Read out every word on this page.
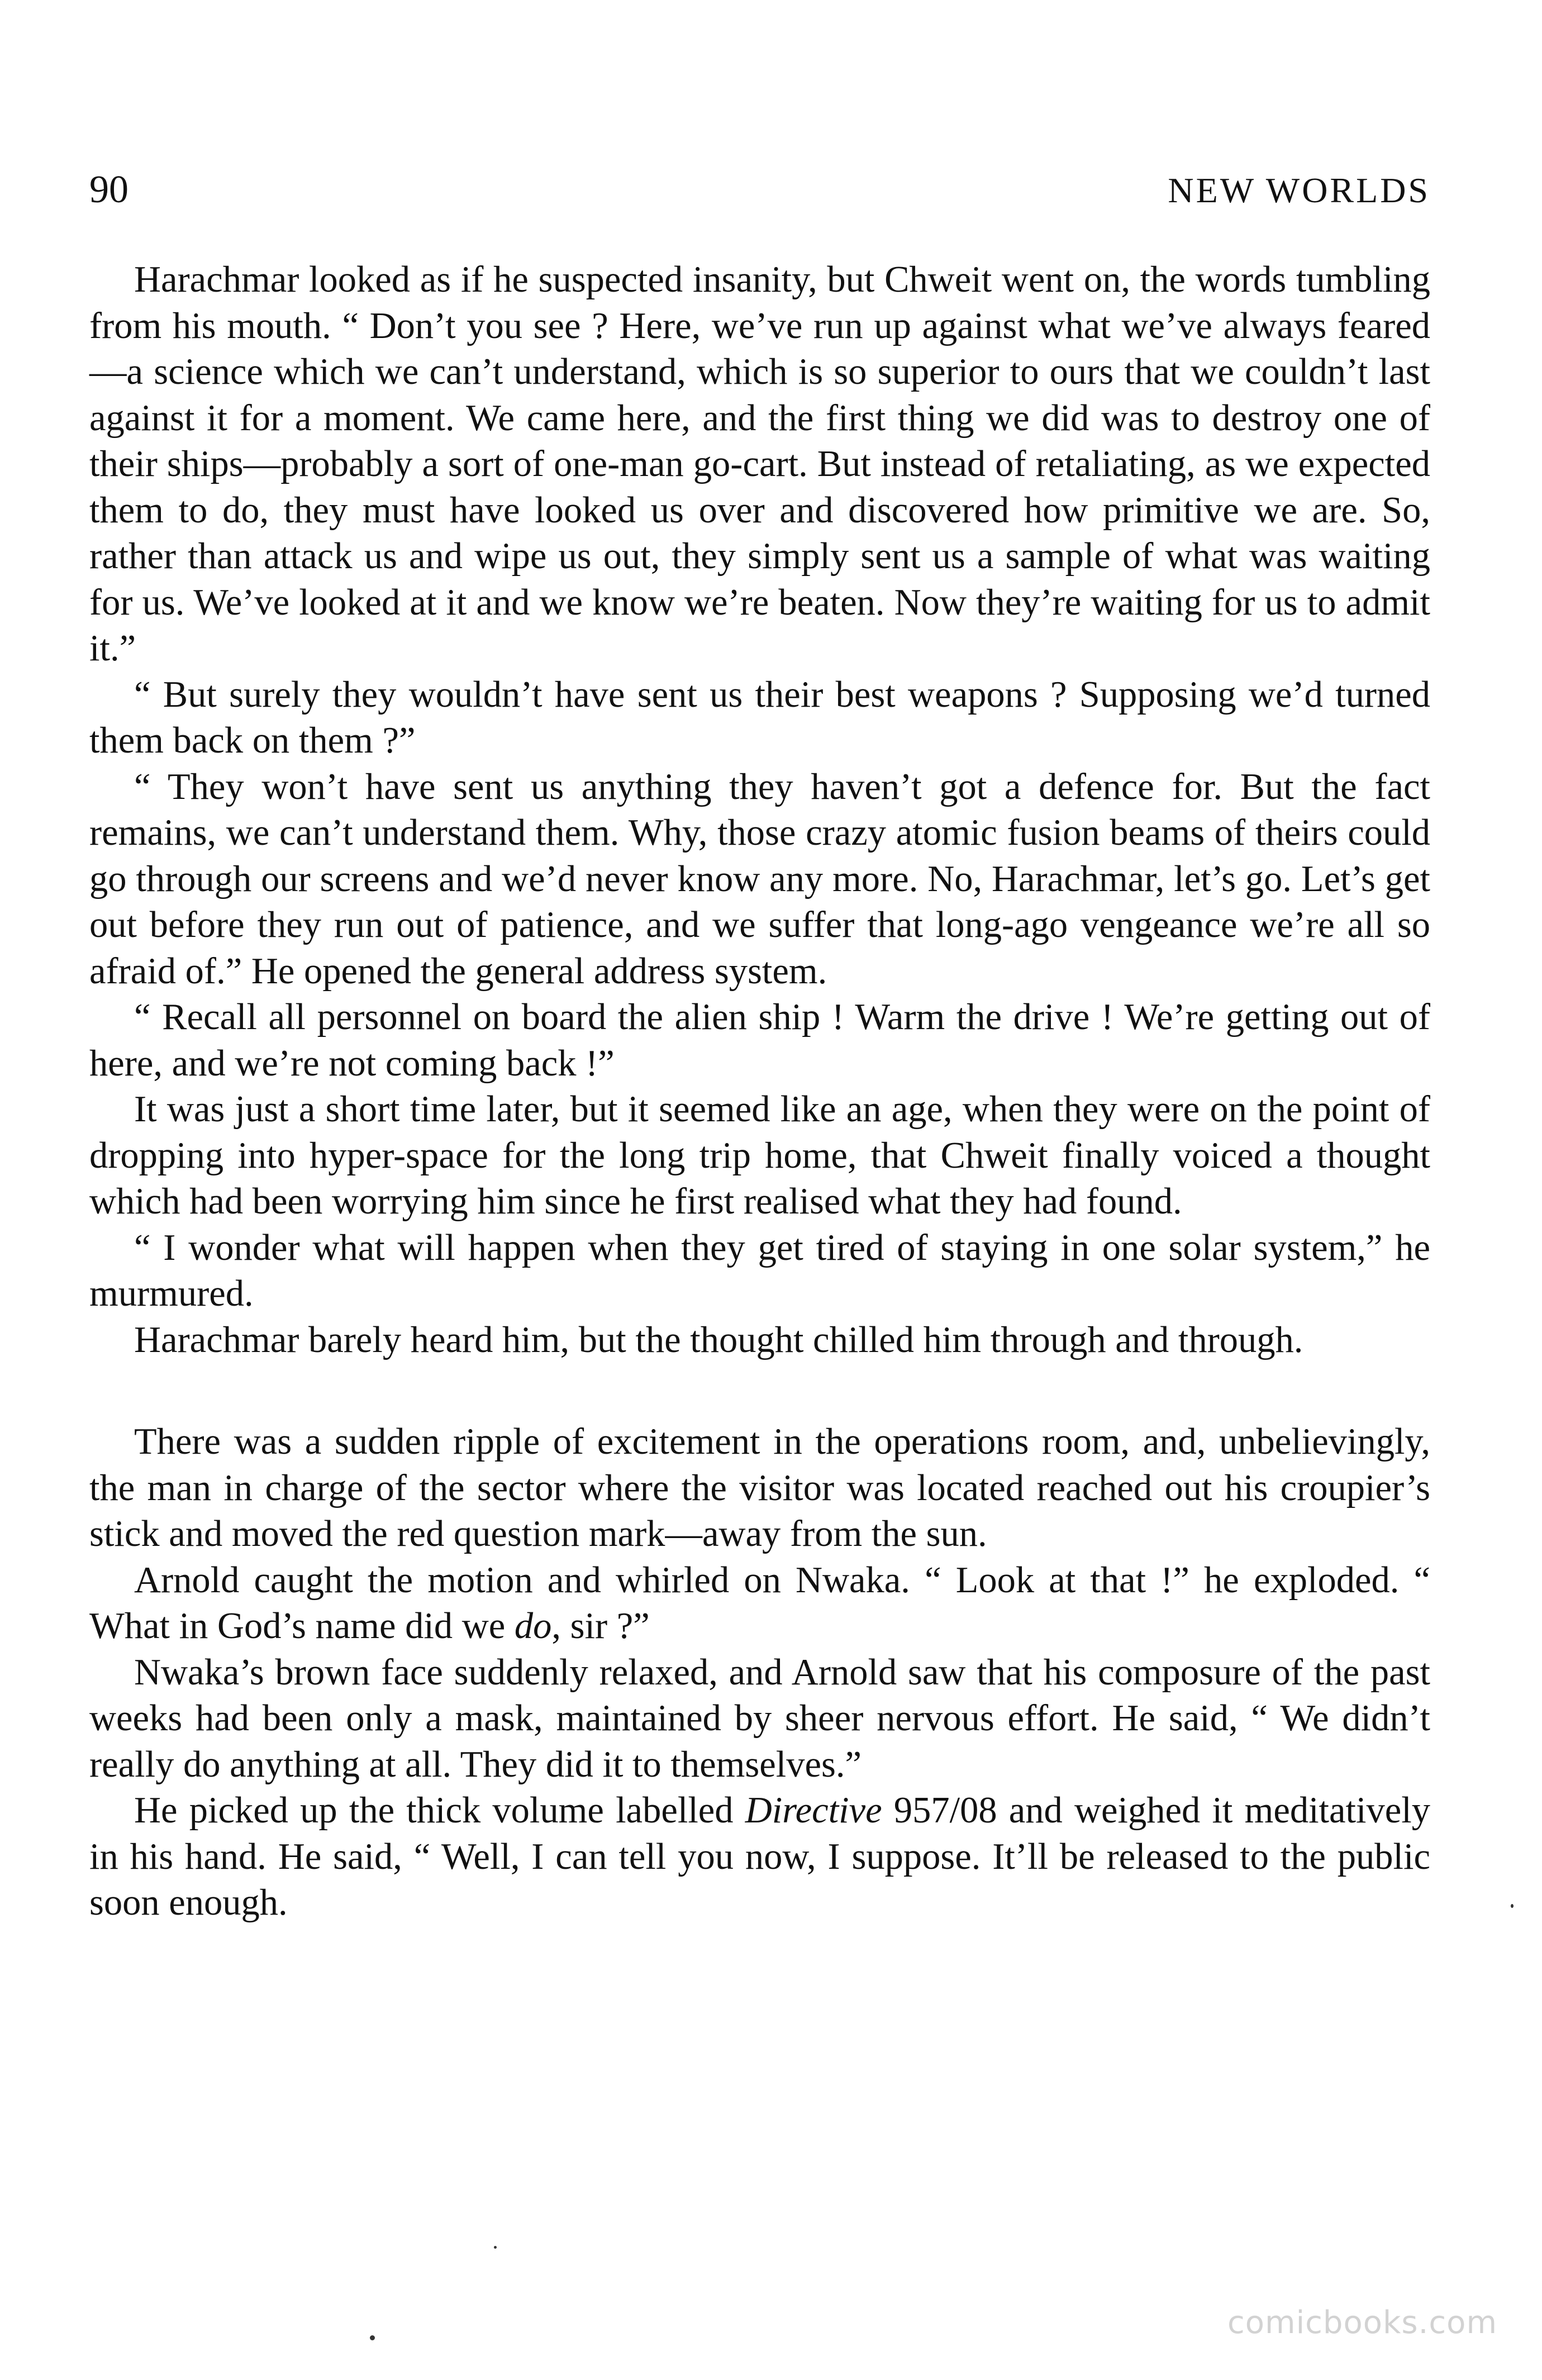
90	NEW WORLDS

Harachmar looked as if he suspected insanity, but Chweit went on, the words tumbling from his mouth. “ Don’t you see ? Here, we’ve run up against what we’ve always feared—a science which we can’t understand, which is so superior to ours that we couldn’t last against it for a moment. We came here, and the first thing we did was to destroy one of their ships—probably a sort of one-man go-cart. But instead of retaliating, as we expected them to do, they must have looked us over and discovered how primitive we are. So, rather than attack us and wipe us out, they simply sent us a sample of what was waiting for us. We’ve looked at it and we know we’re beaten. Now they’re waiting for us to admit it.”

“ But surely they wouldn’t have sent us their best weapons ? Supposing we’d turned them back on them ?”

“ They won’t have sent us anything they haven’t got a defence for. But the fact remains, we can’t understand them. Why, those crazy atomic fusion beams of theirs could go through our screens and we’d never know any more. No, Harachmar, let’s go. Let’s get out before they run out of patience, and we suffer that long-ago vengeance we’re all so afraid of.” He opened the general address system.

“ Recall all personnel on board the alien ship ! Warm the drive ! We’re getting out of here, and we’re not coming back !”

It was just a short time later, but it seemed like an age, when they were on the point of dropping into hyper-space for the long trip home, that Chweit finally voiced a thought which had been worrying him since he first realised what they had found.

“ I wonder what will happen when they get tired of staying in one solar system,” he murmured.

Harachmar barely heard him, but the thought chilled him through and through.

There was a sudden ripple of excitement in the operations room, and, unbelievingly, the man in charge of the sector where the visitor was located reached out his croupier’s stick and moved the red question mark—away from the sun.

Arnold caught the motion and whirled on Nwaka. “ Look at that !” he exploded. “ What in God’s name did we do, sir ?”

Nwaka’s brown face suddenly relaxed, and Arnold saw that his composure of the past weeks had been only a mask, maintained by sheer nervous effort. He said, “ We didn’t really do anything at all. They did it to themselves.”

He picked up the thick volume labelled Directive 957/08 and weighed it meditatively in his hand. He said, “ Well, I can tell you now, I suppose. It’ll be released to the public soon enough.

comicbooks.com
